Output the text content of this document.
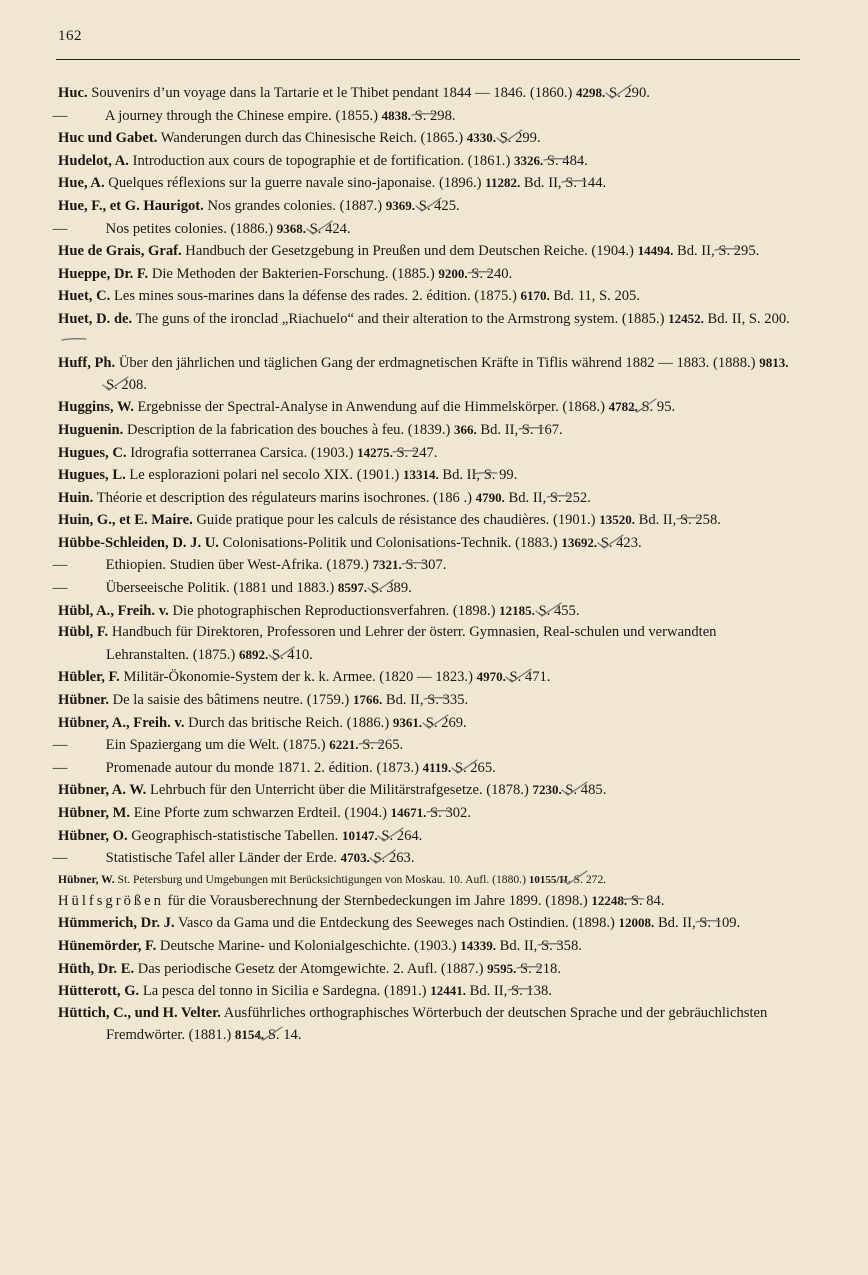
162
Huc. Souvenirs d’un voyage dans la Tartarie et le Thibet pendant 1844 — 1846. (1860.) 4298. S. 290.
—	A journey through the Chinese empire. (1855.) 4838. S. 298.
Huc und Gabet. Wanderungen durch das Chinesische Reich. (1865.) 4330. S. 299.
Hudelot, A. Introduction aux cours de topographie et de fortification. (1861.) 3326. S. 484.
Hue, A. Quelques réflexions sur la guerre navale sino-japonaise. (1896.) 11282. Bd. II, S. 144.
Hue, F., et G. Haurigot. Nos grandes colonies. (1887.) 9369. S. 425.
—	Nos petites colonies. (1886.) 9368. S. 424.
Hue de Grais, Graf. Handbuch der Gesetzgebung in Preußen und dem Deutschen Reiche. (1904.) 14494. Bd. II, S. 295.
Hueppe, Dr. F. Die Methoden der Bakterien-Forschung. (1885.) 9200. S. 240.
Huet, C. Les mines sous-marines dans la défense des rades. 2. édition. (1875.) 6170. Bd. 11, S. 205.
Huet, D. de. The guns of the ironclad „Riachuelo“ and their alteration to the Armstrong system. (1885.) 12452. Bd. II, S. 200.
Huff, Ph. Über den jährlichen und täglichen Gang der erdmagnetischen Kräfte in Tiflis während 1882 — 1883. (1888.) 9813. S. 208.
Huggins, W. Ergebnisse der Spectral-Analyse in Anwendung auf die Himmelskörper. (1868.) 4782. S. 95.
Huguenin. Description de la fabrication des bouches à feu. (1839.) 366. Bd. II, S. 167.
Hugues, C. Idrografia sotterranea Carsica. (1903.) 14275. S. 247.
Hugues, L. Le esplorazioni polari nel secolo XIX. (1901.) 13314. Bd. II, S. 99.
Huin. Théorie et description des régulateurs marins isochrones. (186 .) 4790. Bd. II, S. 252.
Huin, G., et E. Maire. Guide pratique pour les calculs de résistance des chaudières. (1901.) 13520. Bd. II, S. 258.
Hübbe-Schleiden, D. J. U. Colonisations-Politik und Colonisations-Technik. (1883.) 13692. S. 423.
—	Ethiopien. Studien über West-Afrika. (1879.) 7321. S. 307.
—	Überseeische Politik. (1881 und 1883.) 8597. S. 389.
Hübl, A., Freih. v. Die photographischen Reproductionsverfahren. (1898.) 12185. S. 455.
Hübl, F. Handbuch für Direktoren, Professoren und Lehrer der österr. Gymnasien, Real-schulen und verwandten Lehranstalten. (1875.) 6892. S. 410.
Hübler, F. Militär-Ökonomie-System der k. k. Armee. (1820 — 1823.) 4970. S. 471.
Hübner. De la saisie des bâtimens neutre. (1759.) 1766. Bd. II, S. 335.
Hübner, A., Freih. v. Durch das britische Reich. (1886.) 9361. S. 269.
—	Ein Spaziergang um die Welt. (1875.) 6221. S. 265.
—	Promenade autour du monde 1871. 2. édition. (1873.) 4119. S. 265.
Hübner, A. W. Lehrbuch für den Unterricht über die Militärstrafgesetze. (1878.) 7230. S. 485.
Hübner, M. Eine Pforte zum schwarzen Erdteil. (1904.) 14671. S. 302.
Hübner, O. Geographisch-statistische Tabellen. 10147. S. 264.
—	Statistische Tafel aller Länder der Erde. 4703. S. 263.
Hübner, W. St. Petersburg und Umgebungen mit Berücksichtigungen von Moskau. 10. Aufl. (1880.) 10155/II. S. 272.
Hülfsgrößen für die Vorausberechnung der Sternbedeckungen im Jahre 1899. (1898.) 12248. S. 84.
Hümmerich, Dr. J. Vasco da Gama und die Entdeckung des Seeweges nach Ostindien. (1898.) 12008. Bd. II, S. 109.
Hünemörder, F. Deutsche Marine- und Kolonialgeschichte. (1903.) 14339. Bd. II, S. 358.
Hüth, Dr. E. Das periodische Gesetz der Atomgewichte. 2. Aufl. (1887.) 9595. S. 218.
Hütterott, G. La pesca del tonno in Sicilia e Sardegna. (1891.) 12441. Bd. II, S. 138.
Hüttich, C., und H. Velter. Ausführliches orthographisches Wörterbuch der deutschen Sprache und der gebräuchlichsten Fremdwörter. (1881.) 8154. S. 14.
